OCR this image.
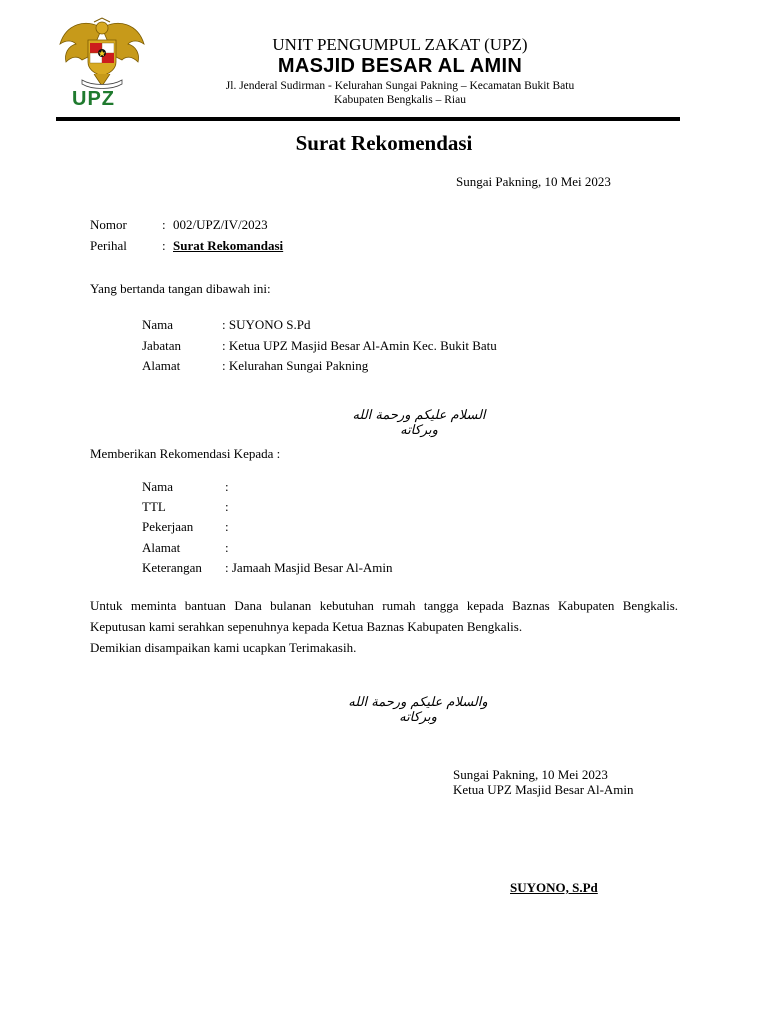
UPZ
UNIT PENGUMPUL ZAKAT (UPZ)
MASJID BESAR AL AMIN
Jl. Jenderal Sudirman - Kelurahan Sungai Pakning – Kecamatan Bukit Batu
Kabupaten Bengkalis – Riau
Surat Rekomendasi
Sungai Pakning, 10 Mei 2023
Nomor	: 002/UPZ/IV/2023
Perihal	: Surat Rekomandasi
Yang bertanda tangan dibawah ini:
Nama	: SUYONO S.Pd
Jabatan	: Ketua UPZ Masjid Besar Al-Amin Kec. Bukit Batu
Alamat	: Kelurahan Sungai Pakning
السلام عليكم ورحمة الله وبركاته
Memberikan Rekomendasi Kepada :
Nama	:
TTL	:
Pekerjaan :
Alamat	:
Keterangan : Jamaah Masjid Besar Al-Amin

Untuk meminta bantuan Dana bulanan kebutuhan rumah tangga kepada Baznas Kabupaten Bengkalis. Keputusan kami serahkan sepenuhnya kepada Ketua Baznas Kabupaten Bengkalis.

Demikian disampaikan kami ucapkan Terimakasih.

والسلام عليكم ورحمة الله وبركاته
Sungai Pakning, 10 Mei 2023
Ketua UPZ Masjid Besar Al-Amin
SUYONO, S.Pd
